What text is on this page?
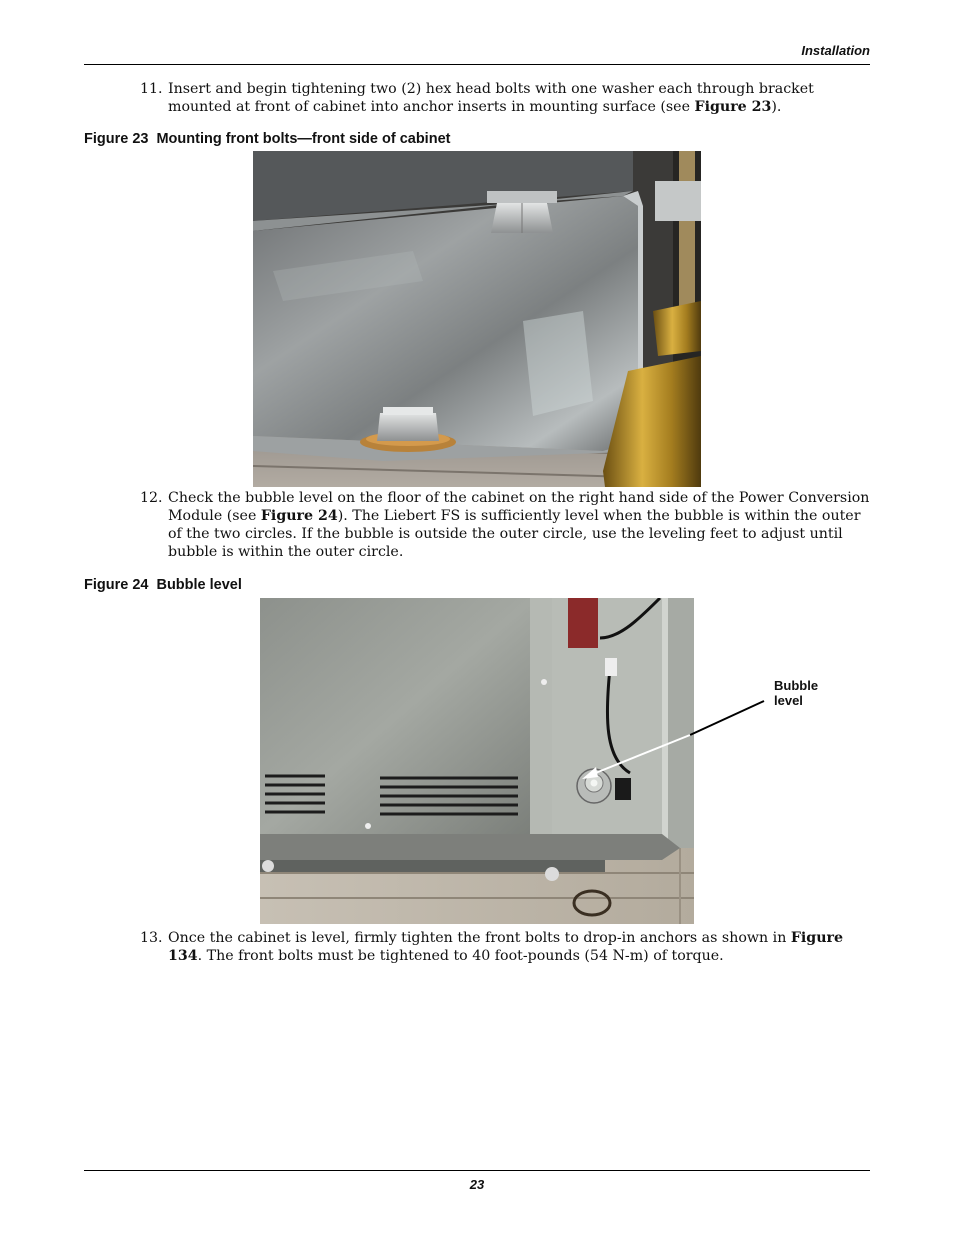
Installation
11. Insert and begin tightening two (2) hex head bolts with one washer each through bracket mounted at front of cabinet into anchor inserts in mounting surface (see Figure 23).
Figure 23 Mounting front bolts—front side of cabinet
12. Check the bubble level on the floor of the cabinet on the right hand side of the Power Conversion Module (see Figure 24). The Liebert FS is sufficiently level when the bubble is within the outer of the two circles. If the bubble is outside the outer circle, use the leveling feet to adjust until bubble is within the outer circle.
Figure 24 Bubble level
Bubble
level
13. Once the cabinet is level, firmly tighten the front bolts to drop-in anchors as shown in Figure 134. The front bolts must be tightened to 40 foot-pounds (54 N-m) of torque.
23
